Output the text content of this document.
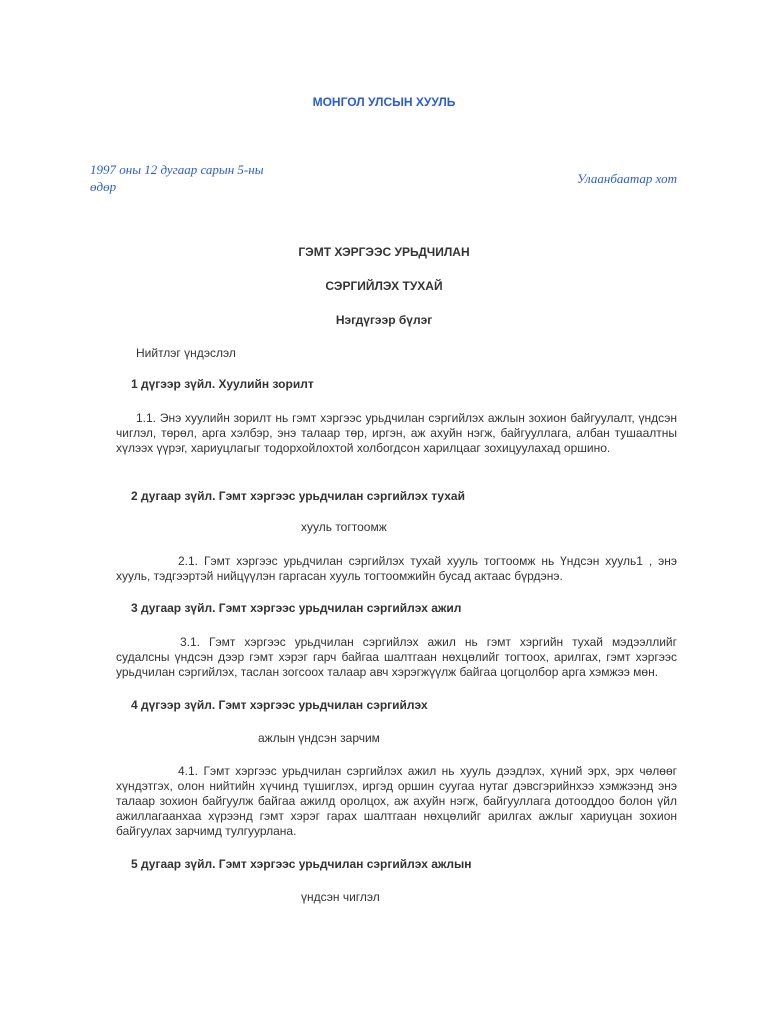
МОНГОЛ УЛСЫН ХУУЛЬ
1997 оны 12 дугаар сарын 5-ны өдөр
Улаанбаатар хот
ГЭМТ ХЭРГЭЭС УРЬДЧИЛАН
СЭРГИЙЛЭХ ТУХАЙ
Нэгдүгээр бүлэг
Нийтлэг үндэслэл
1 дүгээр зүйл. Хуулийн зорилт
1.1. Энэ хуулийн зорилт нь гэмт хэргээс урьдчилан сэргийлэх ажлын зохион байгуулалт, үндсэн чиглэл, төрөл, арга хэлбэр, энэ талаар төр, иргэн, аж ахуйн нэгж, байгууллага, албан тушаалтны хүлээх үүрэг, хариуцлагыг тодорхойлохтой холбогдсон харилцааг зохицуулахад оршино.
2 дугаар зүйл. Гэмт хэргээс урьдчилан сэргийлэх тухай
хууль тогтоомж
2.1. Гэмт хэргээс урьдчилан сэргийлэх тухай хууль тогтоомж нь Үндсэн хууль1 , энэ хууль, тэдгээртэй нийцүүлэн гаргасан хууль тогтоомжийн бусад актаас бүрдэнэ.
3 дугаар зүйл. Гэмт хэргээс урьдчилан сэргийлэх ажил
3.1. Гэмт хэргээс урьдчилан сэргийлэх ажил нь гэмт хэргийн тухай мэдээллийг судалсны үндсэн дээр гэмт хэрэг гарч байгаа шалтгаан нөхцөлийг тогтоох, арилгах, гэмт хэргээс урьдчилан сэргийлэх, таслан зогсоох талаар авч хэрэгжүүлж байгаа цогцолбор арга хэмжээ мөн.
4 дүгээр зүйл. Гэмт хэргээс урьдчилан сэргийлэх
ажлын үндсэн зарчим
4.1. Гэмт хэргээс урьдчилан сэргийлэх ажил нь хууль дээдлэх, хүний эрх, эрх чөлөөг хүндэтгэх, олон нийтийн хүчинд түшиглэх, иргэд оршин суугаа нутаг дэвсгэрийнхээ хэмжээнд энэ талаар зохион байгуулж байгаа ажилд оролцох, аж ахуйн нэгж, байгууллага дотооддоо болон үйл ажиллагаанхаа хүрээнд гэмт хэрэг гарах шалтгаан нөхцөлийг арилгах ажлыг хариуцан зохион байгуулах зарчимд тулгуурлана.
5 дугаар зүйл. Гэмт хэргээс урьдчилан сэргийлэх ажлын
үндсэн чиглэл
